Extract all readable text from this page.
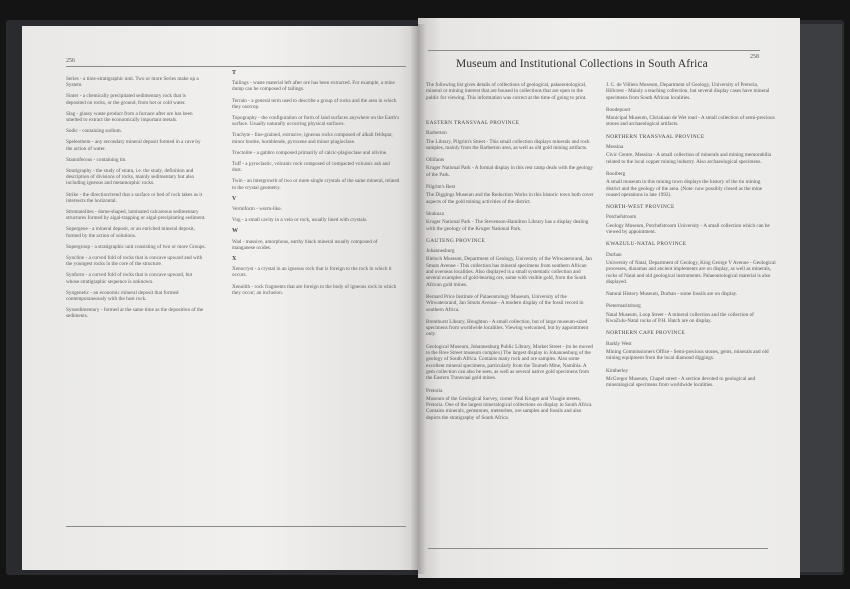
256
Series - a time-stratigraphic unit. Two or more Series make up a System.
Sinter - a chemically precipitated sedimentary rock that is deposited on rocks, or the ground, from hot or cold water.
Slag - glassy waste product from a furnace after ore has been smelted to extract the economically important metals.
Sodic - containing sodium.
Speleothem - any secondary mineral deposit formed in a cave by the action of water.
Stanniferous - containing tin.
Stratigraphy - the study of strata, i.e. the study, definition and description of divisions of rocks, mainly sedimentary but also including igneous and metamorphic rocks.
Strike - the direction/trend that a surface or bed of rock takes as it intersects the horizontal.
Stromatolites - dome-shaped, laminated calcareous sedimentary structures formed by algal-trapping or algal-precipitating sediment.
Supergene - a mineral deposit, or an enriched mineral deposit, formed by the action of solutions.
Supergroup - a stratigraphic unit consisting of two or more Groups.
Syncline - a curved fold of rocks that is concave upward and with the youngest rocks in the core of the structure.
Synform - a curved fold of rocks that is concave upward, but whose stratigraphic sequence is unknown.
Syngenetic - an economic mineral deposit that formed contemporaneously with the host rock.
Synsedimentary - formed at the same time as the deposition of the sediments.
T
Tailings - waste material left after ore has been extracted. For example, a mine dump can be composed of tailings.
Terrain - a general term used to describe a group of rocks and the area in which they outcrop.
Topography - the configuration or form of land surfaces anywhere on the Earth's surface. Usually naturally occurring physical surfaces.
Trachyte - fine-grained, extrusive, igneous rocks composed of alkali feldspar, minor biotite, hornblende, pyroxene and minor plagioclase.
Troctolite - a gabbro composed primarily of calcic-plagioclase and olivine.
Tuff - a pyroclastic, volcanic rock composed of compacted volcanic ash and dust.
Twin - an intergrowth of two or more single crystals of the same mineral, related to the crystal geometry.
V
Vermiform - worm-like.
Vug - a small cavity in a vein or rock, usually lined with crystals.
W
Wad - massive, amorphous, earthy black mineral usually composed of manganese oxides.
X
Xenocryst - a crystal in an igneous rock that is foreign to the rock in which it occurs.
Xenolith - rock fragments that are foreign to the body of igneous rock in which they occur; an inclusion.
258
Museum and Institutional Collections in South Africa
The following list gives details of collections of geological, palaeontological, mineral or mining interest that are housed in collections that are open to the public for viewing. This information was correct at the time of going to print.
EASTERN TRANSVAAL PROVINCE
Barberton
The Library, Pilgrim's Street - This small collection displays minerals and rock samples, mainly from the Barberton area, as well as old gold mining artifacts.
Ollifants
Kruger National Park - A formal display in this rest camp deals with the geology of the Park.
Pilgrim's Rest
The Diggings Museum and the Reduction Works in this historic town both cover aspects of the gold mining activities of the district.
Skukuza
Kruger National Park - The Stevenson-Hamilton Library has a display dealing with the geology of the Kruger National Park.
GAUTENG PROVINCE
Johannesburg
Bleloch Museum, Department of Geology, University of the Witwatersrand, Jan Smuts Avenue - This collection has mineral specimens from southern African and overseas localities. Also displayed is a small systematic collection and several examples of gold-bearing ore, some with visible gold, from the South African gold mines.
Bernard Price Institute of Palaeontology Museum, University of the Witwatersrand, Jan Smuts Avenue - A modern display of the fossil record in southern Africa.
Brenthurst Library, Houghton - A small collection, but of large museum-sized specimens from worldwide localities. Viewing welcomed, but by appointment only.
Geological Museum, Johannesburg Public Library, Market Street - (to be moved to the Bree Street museum complex) The largest display in Johannesburg of the geology of South Africa. Contains many rock and ore samples. Also some excellent mineral specimens, particularly from the Tsumeb Mine, Namibia. A gem collection can also be seen, as well as several native gold specimens from the Eastern Transvaal gold mines.
Pretoria
Museum of the Geological Survey, corner Paul Kruger and Visagie streets, Pretoria. One of the largest mineralogical collections on display in South Africa. Contains minerals, gemstones, meteorites, ore samples and fossils and also depicts the stratigraphy of South Africa.
J. C. de Villiers Museum, Department of Geology, University of Pretoria, Hillcrest - Mainly a teaching collection, but several display cases have mineral specimens from South African localities.
Roodepoort
Municipal Museum, Christiaan de Wet road - A small collection of semi-precious stones and archaeological artifacts.
NORTHERN TRANSVAAL PROVINCE
Messina
Civic Centre, Messina - A small collection of minerals and mining memorabilia related to the local copper mining industry. Also archaeological specimens.
Rooiberg
A small museum in this mining town displays the history of the tin mining district and the geology of the area. (Note: now possibly closed as the mine ceased operations in late 1992).
NORTH-WEST PROVINCE
Potchefstroom
Geology Museum, Potchefstroom University - A small collection which can be viewed by appointment.
KWAZULU-NATAL PROVINCE
Durban
University of Natal, Department of Geology, King George V Avenue - Geological processes, diaramas and ancient implements are on display, as well as minerals, rocks of Natal and old geological instruments. Palaeontological material is also displayed.
Natural History Museum, Durban - some fossils are on display.
Pietermaritzburg
Natal Museum, Loop Street - A mineral collection and the collection of KwaZulu-Natal rocks of P.H. Hatch are on display.
NORTHERN CAPE PROVINCE
Barkly West
Mining Commissioners Office - Semi-precious stones, gems, minerals and old mining equipment from the local diamond diggings.
Kimberley
McGregor Museum, Chapel street - A section devoted to geological and mineralogical specimens from worldwide localities.
